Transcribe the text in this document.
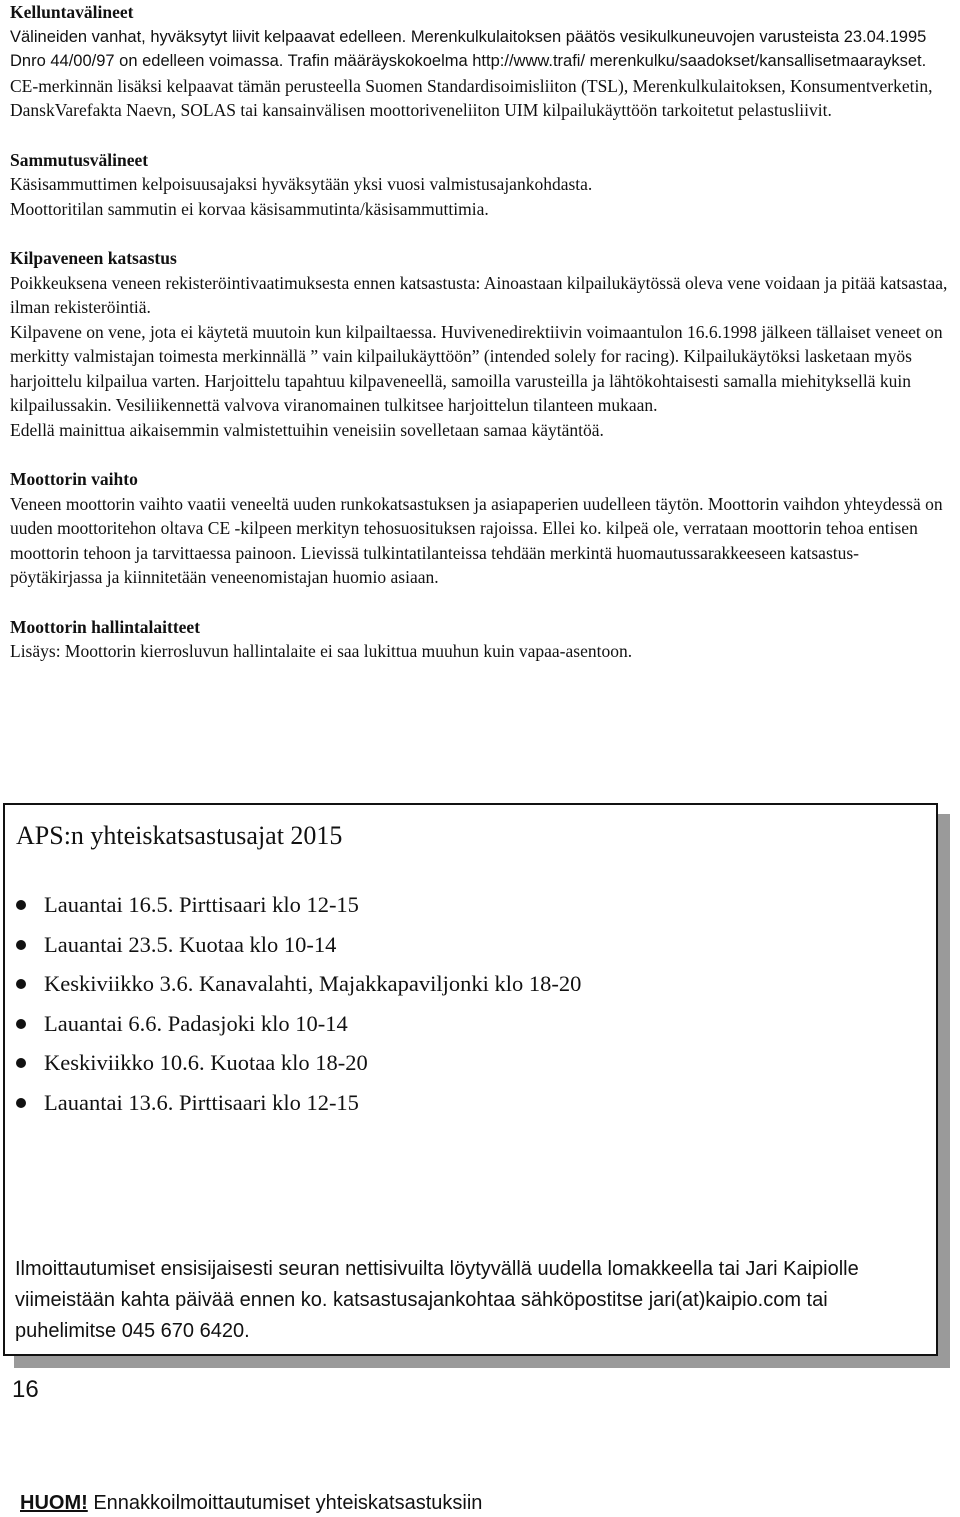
Kelluntavälineet

Välineiden vanhat, hyväksytyt liivit kelpaavat edelleen. Merenkulkulaitoksen päätös vesikulkuneuvojen varusteista 23.04.1995 Dnro 44/00/97 on edelleen voimassa. Trafin määräyskokoelma http://www.trafi/ merenkulku/saadokset/kansallisetmaaraykset.

CE-merkinnän lisäksi kelpaavat tämän perusteella Suomen Standardisoimisliiton (TSL), Merenkulkulaitoksen, Konsumentverketin, DanskVarefakta Naevn, SOLAS tai kansainvälisen moottoriveneliiton UIM kilpailukäyttöön tarkoitetut pelastusliivit.

Sammutusvälineet

Käsisammuttimen kelpoisuusajaksi hyväksytään yksi vuosi valmistusajankohdasta.

Moottoritilan sammutin ei korvaa käsisammutinta/käsisammuttimia.

Kilpaveneen katsastus

Poikkeuksena veneen rekisteröintivaatimuksesta ennen katsastusta: Ainoastaan kilpailukäytössä oleva vene voidaan ja pitää katsastaa, ilman rekisteröintiä.

Kilpavene on vene, jota ei käytetä muutoin kun kilpailtaessa. Huvivenedirektiivin voimaantulon 16.6.1998 jälkeen tällaiset veneet on merkitty valmistajan toimesta merkinnällä ” vain kilpailukäyttöön” (intended solely for racing). Kilpailukäytöksi lasketaan myös harjoittelu kilpailua varten. Harjoittelu tapahtuu kilpaveneellä, samoilla varusteilla ja lähtökohtaisesti samalla miehityksellä kuin kilpailussakin. Vesiliikennettä valvova viranomainen tulkitsee harjoittelun tilanteen mukaan.

Edellä mainittua aikaisemmin valmistettuihin veneisiin sovelletaan samaa käytäntöä.

Moottorin vaihto

Veneen moottorin vaihto vaatii veneeltä uuden runkokatsastuksen ja asiapaperien uudelleen täytön. Moottorin vaihdon yhteydessä on uuden moottoritehon oltava CE -kilpeen merkityn tehosuosituksen rajoissa. Ellei ko. kilpeä ole, verrataan moottorin tehoa entisen moottorin tehoon ja tarvittaessa painoon. Lievissä tulkintatilanteissa tehdään merkintä huomautussarakkeeseen katsastus-pöytäkirjassa ja kiinnitetään veneenomistajan huomio asiaan.

Moottorin hallintalaitteet

Lisäys: Moottorin kierrosluvun hallintalaite ei saa lukittua muuhun kuin vapaa-asentoon.

APS:n yhteiskatsastusajat 2015

Lauantai 16.5. Pirttisaari klo 12-15
Lauantai 23.5. Kuotaa klo 10-14
Keskiviikko 3.6. Kanavalahti, Majakkapaviljonki klo 18-20
Lauantai 6.6. Padasjoki klo 10-14
Keskiviikko 10.6. Kuotaa klo 18-20
Lauantai 13.6. Pirttisaari klo 12-15

HUOM! Ennakkoilmoittautumiset yhteiskatsastuksiin

Ilmoittautumiset ensisijaisesti seuran nettisivuilta löytyvällä uudella lomakkeella tai Jari Kaipiolle viimeistään kahta päivää ennen ko. katsastusajankohtaa sähköpostitse jari(at)kaipio.com tai puhelimitse 045 670 6420.

16
